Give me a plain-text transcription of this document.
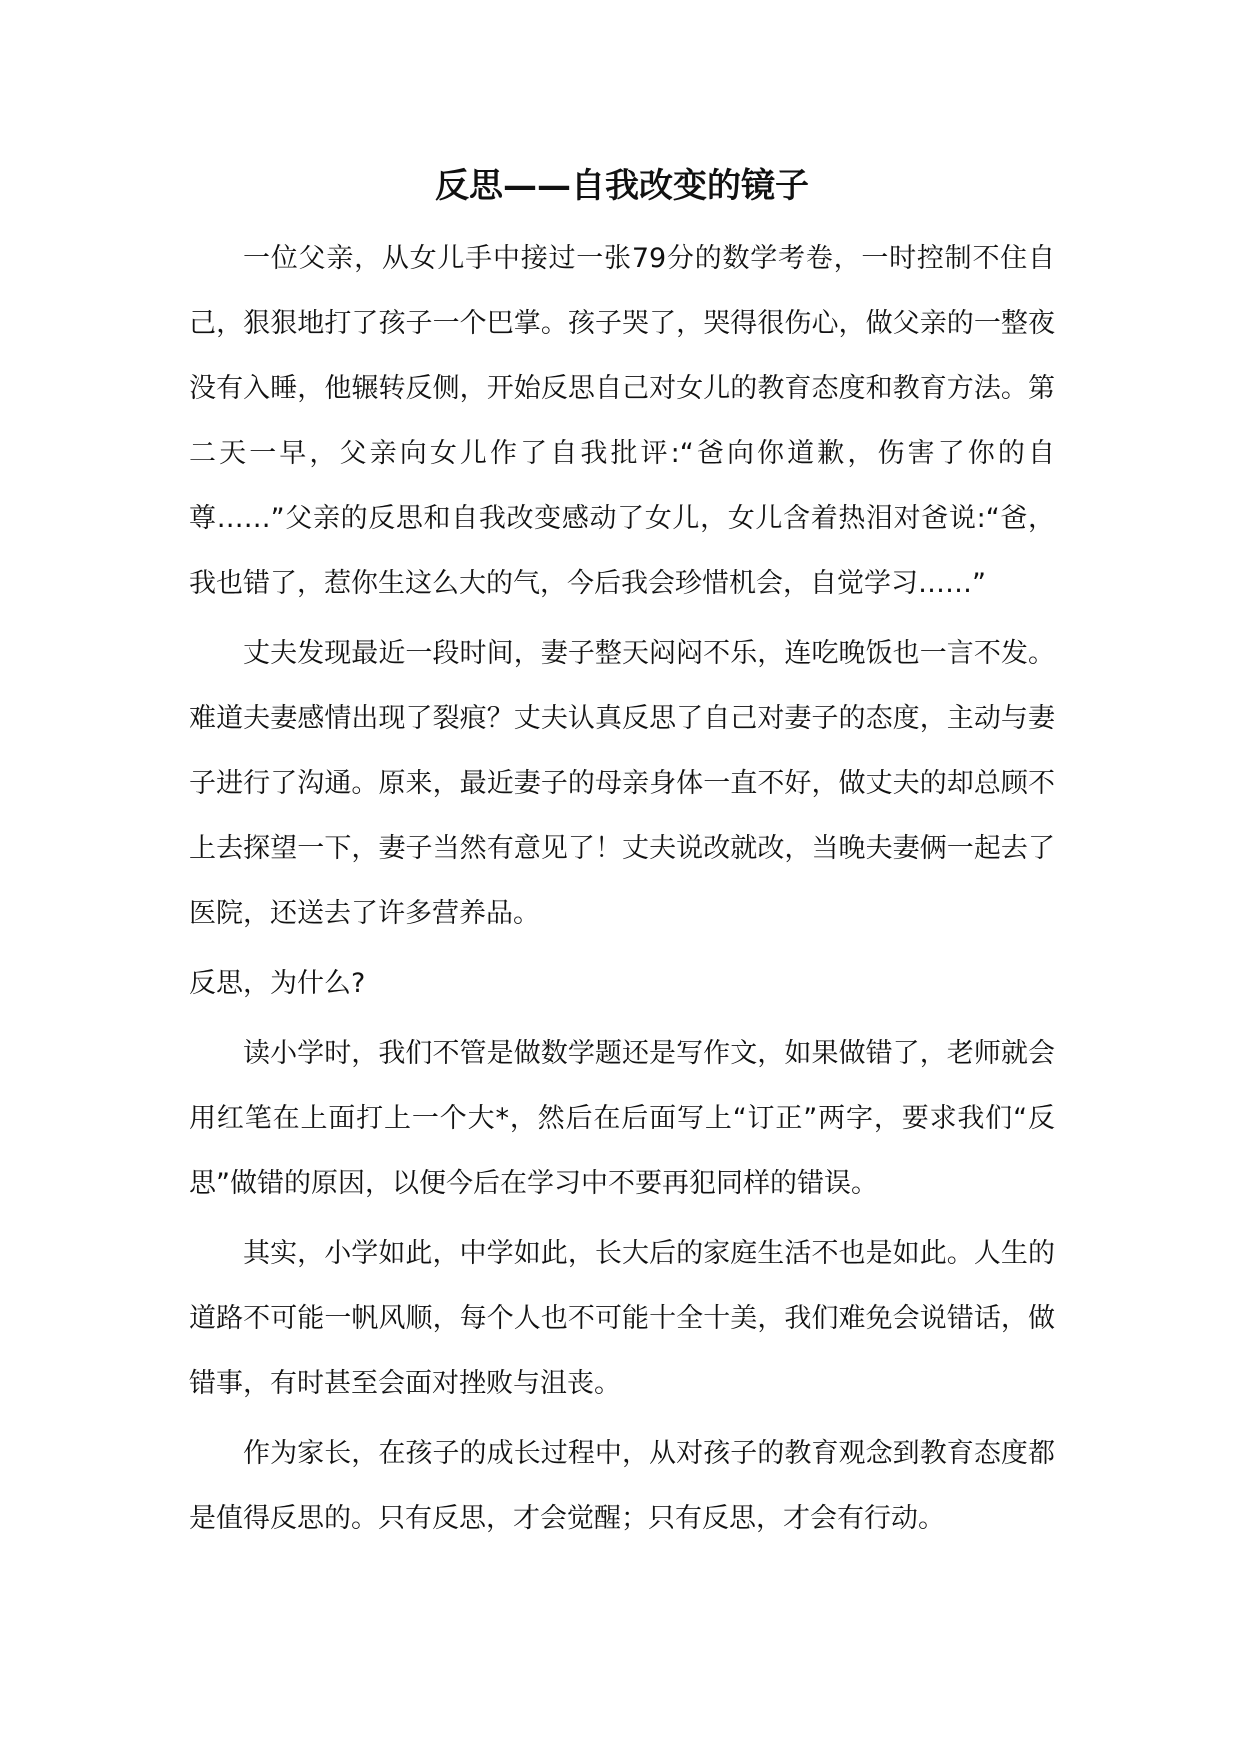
反思——自我改变的镜子

一位父亲，从女儿手中接过一张79分的数学考卷，一时控制不住自己，狠狠地打了孩子一个巴掌。孩子哭了，哭得很伤心，做父亲的一整夜没有入睡，他辗转反侧，开始反思自己对女儿的教育态度和教育方法。第二天一早，父亲向女儿作了自我批评:“爸向你道歉，伤害了你的自尊……”父亲的反思和自我改变感动了女儿，女儿含着热泪对爸说:“爸，我也错了，惹你生这么大的气，今后我会珍惜机会，自觉学习……”

丈夫发现最近一段时间，妻子整天闷闷不乐，连吃晚饭也一言不发。难道夫妻感情出现了裂痕？丈夫认真反思了自己对妻子的态度，主动与妻子进行了沟通。原来，最近妻子的母亲身体一直不好，做丈夫的却总顾不上去探望一下，妻子当然有意见了！丈夫说改就改，当晚夫妻俩一起去了医院，还送去了许多营养品。

反思，为什么?

读小学时，我们不管是做数学题还是写作文，如果做错了，老师就会用红笔在上面打上一个大*，然后在后面写上“订正”两字，要求我们“反思”做错的原因，以便今后在学习中不要再犯同样的错误。

其实，小学如此，中学如此，长大后的家庭生活不也是如此。人生的道路不可能一帆风顺，每个人也不可能十全十美，我们难免会说错话，做错事，有时甚至会面对挫败与沮丧。

作为家长，在孩子的成长过程中，从对孩子的教育观念到教育态度都是值得反思的。只有反思，才会觉醒；只有反思，才会有行动。
